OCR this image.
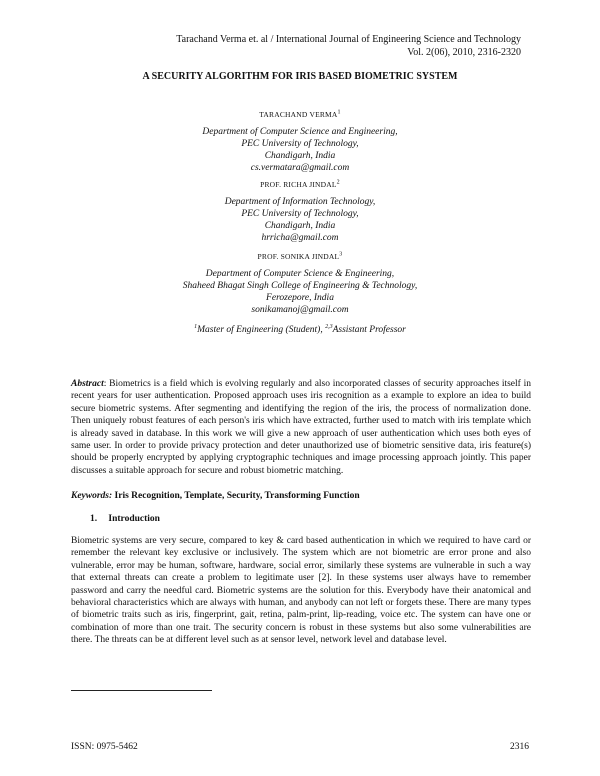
Tarachand Verma et. al / International Journal of Engineering Science and Technology
Vol. 2(06), 2010, 2316-2320
A SECURITY ALGORITHM FOR IRIS BASED BIOMETRIC SYSTEM
TARACHAND VERMA$^1$
Department of Computer Science and Engineering,
PEC University of Technology,
Chandigarh, India
cs.vermatara@gmail.com
PROF. RICHA JINDAL$^2$
Department of Information Technology,
PEC University of Technology,
Chandigarh, India
hrricha@gmail.com
PROF. SONIKA JINDAL$^3$
Department of Computer Science & Engineering,
Shaheed Bhagat Singh College of Engineering & Technology,
Ferozepore, India
sonikamanoj@gmail.com
$^1$Master of Engineering (Student), $^{2,3}$Assistant Professor
Abstract: Biometrics is a field which is evolving regularly and also incorporated classes of security approaches itself in recent years for user authentication. Proposed approach uses iris recognition as a example to explore an idea to build secure biometric systems. After segmenting and identifying the region of the iris, the process of normalization done. Then uniquely robust features of each person's iris which have extracted, further used to match with iris template which is already saved in database. In this work we will give a new approach of user authentication which uses both eyes of same user. In order to provide privacy protection and deter unauthorized use of biometric sensitive data, iris feature(s) should be properly encrypted by applying cryptographic techniques and image processing approach jointly. This paper discusses a suitable approach for secure and robust biometric matching.
Keywords: Iris Recognition, Template, Security, Transforming Function
1. Introduction
Biometric systems are very secure, compared to key & card based authentication in which we required to have card or remember the relevant key exclusive or inclusively. The system which are not biometric are error prone and also vulnerable, error may be human, software, hardware, social error, similarly these systems are vulnerable in such a way that external threats can create a problem to legitimate user [2]. In these systems user always have to remember password and carry the needful card. Biometric systems are the solution for this. Everybody have their anatomical and behavioral characteristics which are always with human, and anybody can not left or forgets these. There are many types of biometric traits such as iris, fingerprint, gait, retina, palm-print, lip-reading, voice etc. The system can have one or combination of more than one trait. The security concern is robust in these systems but also some vulnerabilities are there. The threats can be at different level such as at sensor level, network level and database level.
ISSN: 0975-5462	2316
